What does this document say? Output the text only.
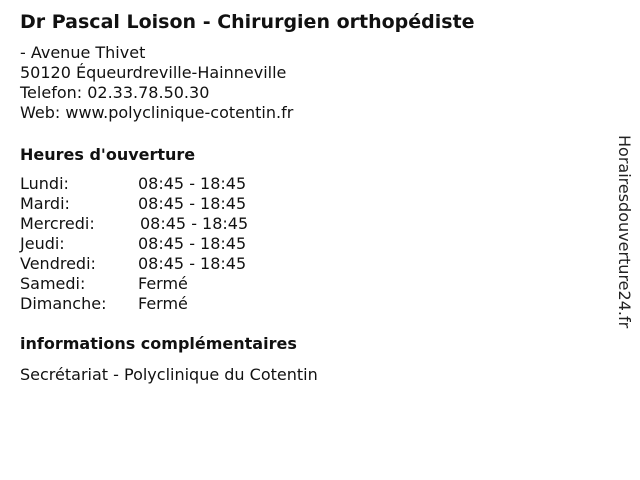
Dr Pascal Loison - Chirurgien orthopédiste
- Avenue Thivet
50120 Équeurdreville-Hainneville
Telefon: 02.33.78.50.30
Web: www.polyclinique-cotentin.fr
Heures d'ouverture
Lundi:	08:45 - 18:45
Mardi:	08:45 - 18:45
Mercredi:	08:45 - 18:45
Jeudi:	08:45 - 18:45
Vendredi:	08:45 - 18:45
Samedi:	Fermé
Dimanche: Fermé
informations complémentaires
Secrétariat - Polyclinique du Cotentin
Horairesdouverture24.fr
